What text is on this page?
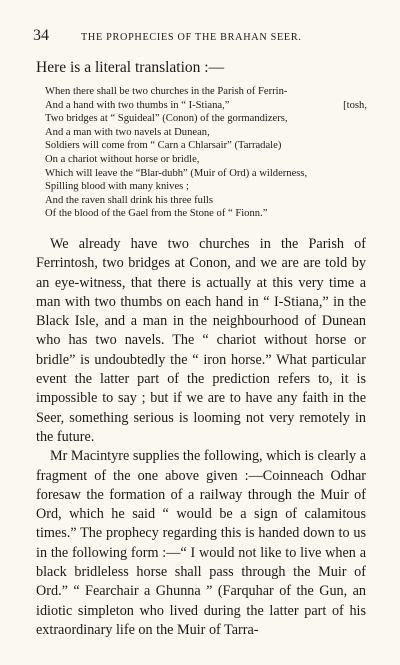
34	THE PROPHECIES OF THE BRAHAN SEER.
Here is a literal translation :—
When there shall be two churches in the Parish of Ferrin-
And a hand with two thumbs in “ I-Stiana,”	[tosh,
Two bridges at “ Sguideal” (Conon) of the gormandizers,
And a man with two navels at Dunean,
Soldiers will come from “ Carn a Chlarsair” (Tarradale)
On a chariot without horse or bridle,
Which will leave the “Blar-dubh” (Muir of Ord) a wilderness,
Spilling blood with many knives ;
And the raven shall drink his three fulls
Of the blood of the Gael from the Stone of “ Fionn.”

We already have two churches in the Parish of Ferrintosh, two bridges at Conon, and we are are told by an eye-witness, that there is actually at this very time a man with two thumbs on each hand in “ I-Stiana,” in the Black Isle, and a man in the neighbourhood of Dunean who has two navels. The “ chariot without horse or bridle” is undoubtedly the “ iron horse.” What particular event the latter part of the prediction refers to, it is impossible to say ; but if we are to have any faith in the Seer, something serious is looming not very remotely in the future.

Mr Macintyre supplies the following, which is clearly a fragment of the one above given :—Coinneach Odhar foresaw the formation of a railway through the Muir of Ord, which he said “ would be a sign of calamitous times.” The prophecy regarding this is handed down to us in the following form :—“ I would not like to live when a black bridleless horse shall pass through the Muir of Ord.” “ Fearchair a Ghunna ” (Farquhar of the Gun, an idiotic simpleton who lived during the latter part of his extraordinary life on the Muir of Tarra-
